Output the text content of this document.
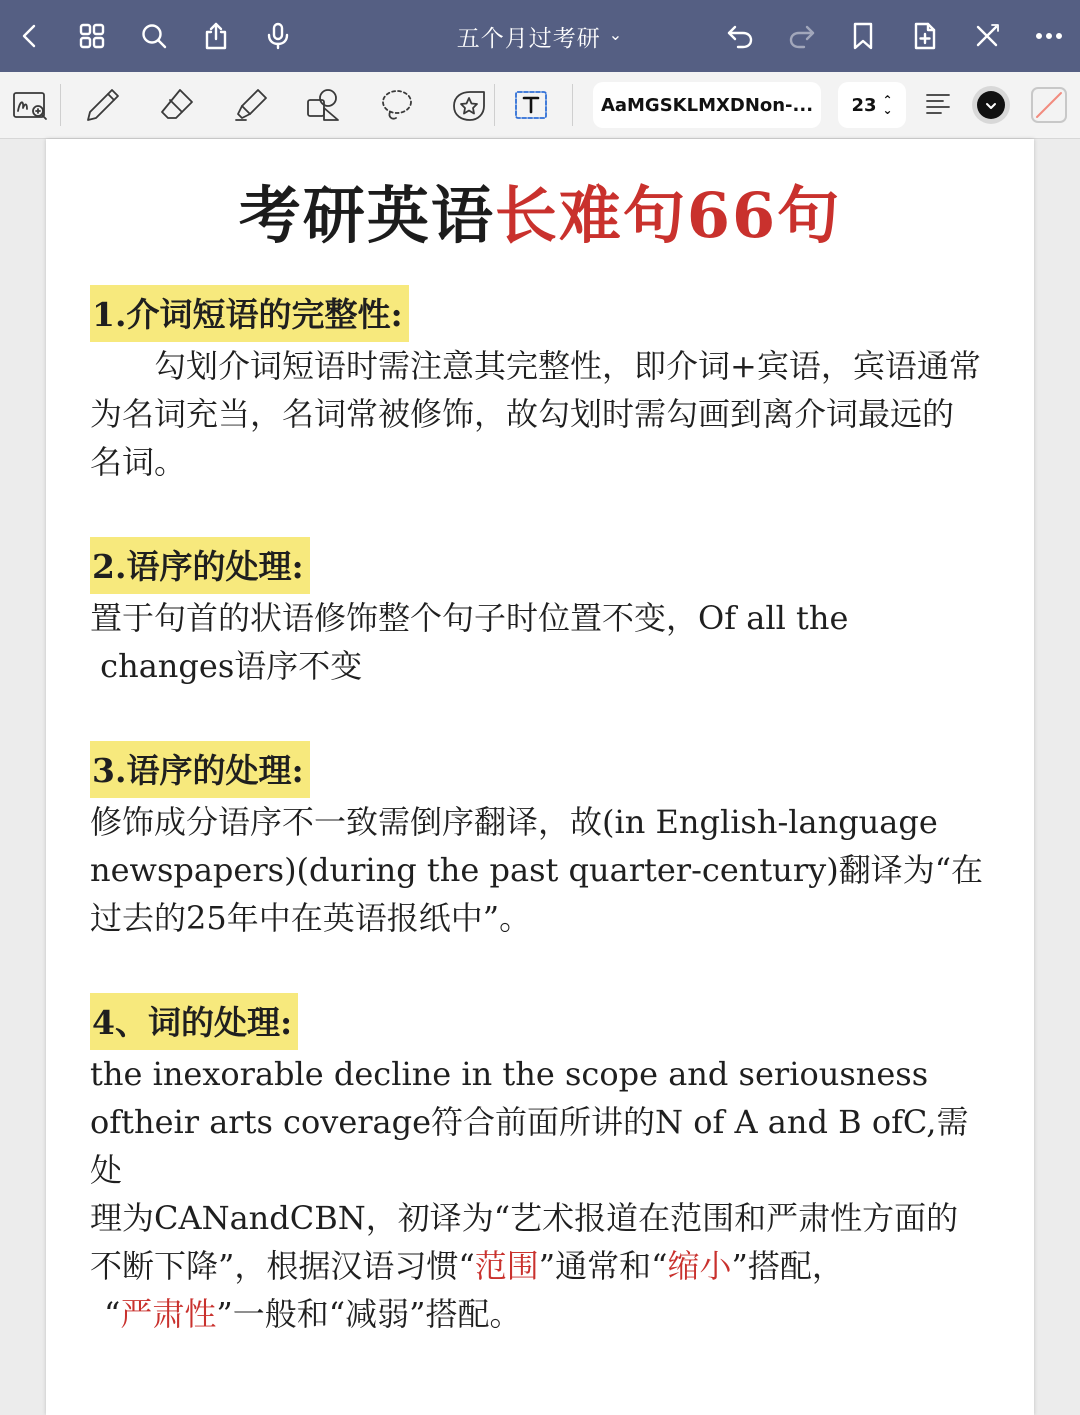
五个月过考研 ⌄
AaMGSKLMXDNon-... 23 ⌃
⌄
考研英语 长难句66句
1.介词短语的完整性:

　　勾划介词短语时需注意其完整性，即介词+宾语，宾语通常

为名词充当，名词常被修饰，故勾划时需勾画到离介词最远的

名词。

2.语序的处理:

置于句首的状语修饰整个句子时位置不变，Of all the

changes语序不变

3.语序的处理:

修饰成分语序不一致需倒序翻译，故(in English-language

newspapers)(during the past quarter-century)翻译为“在

过去的25年中在英语报纸中”。

4、词的处理:

the inexorable decline in the scope and seriousness

oftheir arts coverage符合前面所讲的N of A and B ofC,需处

理为CANandCBN，初译为“艺术报道在范围和严肃性方面的

不断下降”，根据汉语习惯“范围”通常和“缩小”搭配，

“严肃性”一般和“减弱”搭配。
